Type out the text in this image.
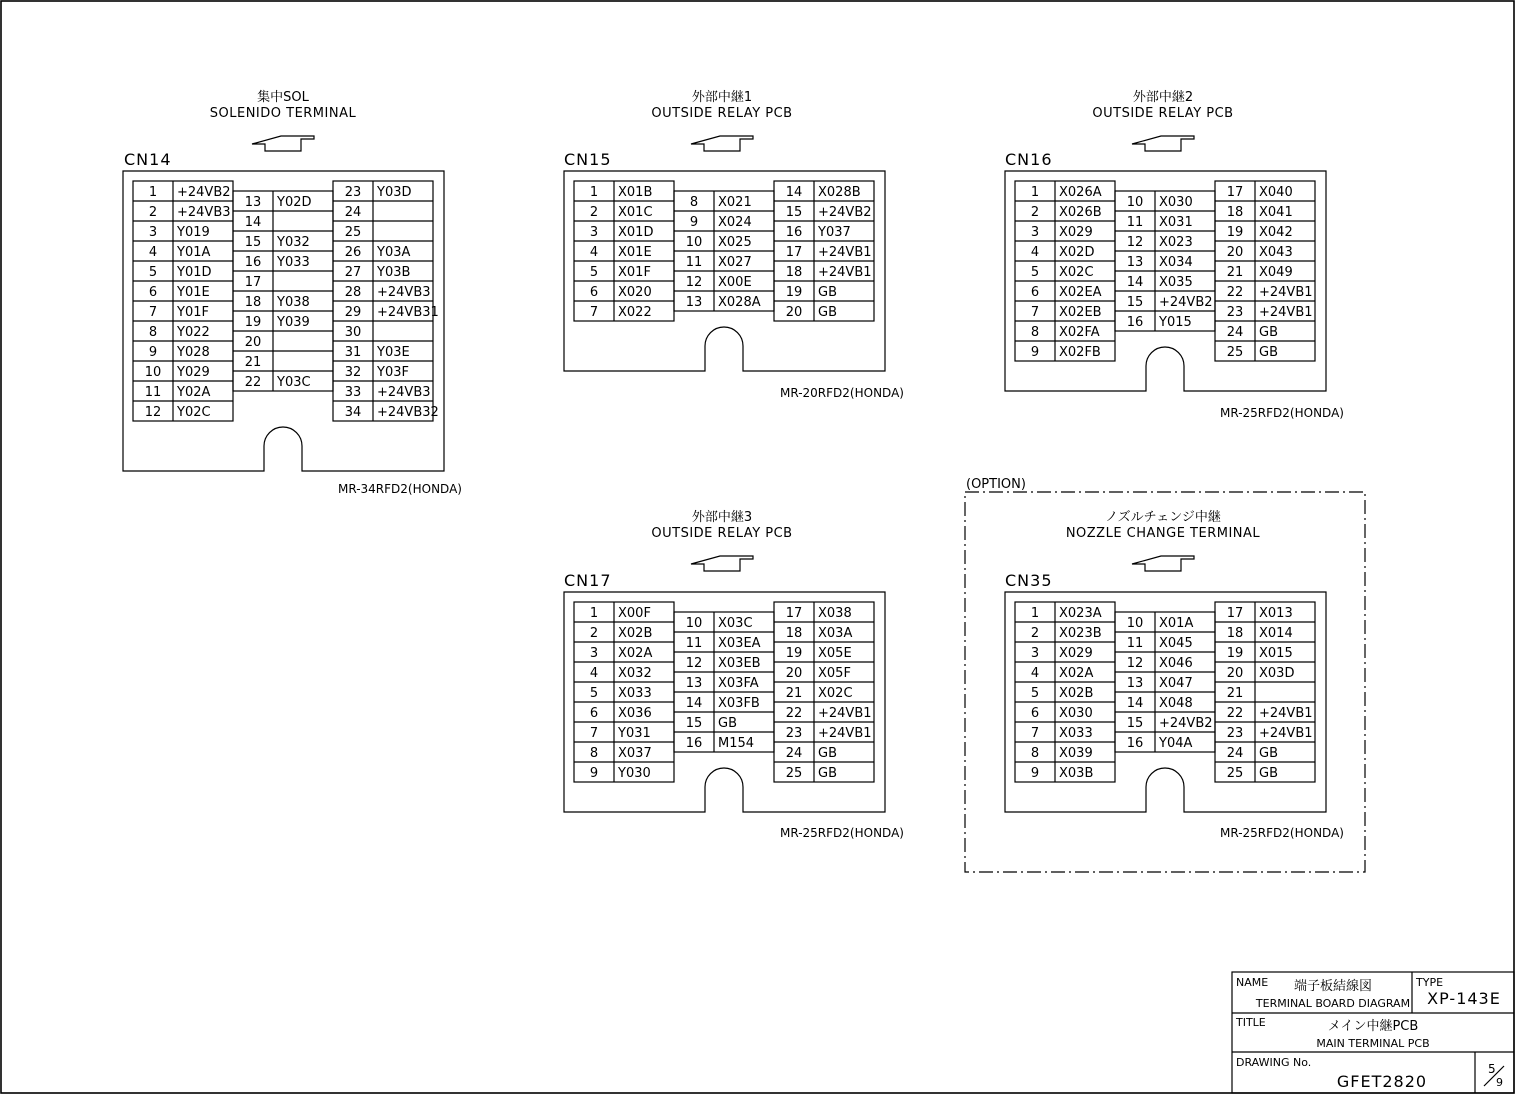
(OPTION)
集中SOL
SOLENIDO TERMINAL
CN14
1 +24VB2
2 +24VB3
3 Y019
4 Y01A
5 Y01D
6 Y01E
7 Y01F
8 Y022
9 Y028
10 Y029
11 Y02A
12 Y02C
13 Y02D
14
15 Y032
16 Y033
17
18 Y038
19 Y039
20
21
22 Y03C
23 Y03D
24
25
26 Y03A
27 Y03B
28 +24VB3
29 +24VB31
30
31 Y03E
32 Y03F
33 +24VB3
34 +24VB32
MR-34RFD2(HONDA)
外部中継1
OUTSIDE RELAY PCB
CN15
1 X01B
2 X01C
3 X01D
4 X01E
5 X01F
6 X020
7 X022
8 X021
9 X024
10 X025
11 X027
12 X00E
13 X028A
14 X028B
15 +24VB2
16 Y037
17 +24VB1
18 +24VB1
19 GB
20 GB
MR-20RFD2(HONDA)
外部中継2
OUTSIDE RELAY PCB
CN16
1 X026A
2 X026B
3 X029
4 X02D
5 X02C
6 X02EA
7 X02EB
8 X02FA
9 X02FB
10 X030
11 X031
12 X023
13 X034
14 X035
15 +24VB2
16 Y015
17 X040
18 X041
19 X042
20 X043
21 X049
22 +24VB1
23 +24VB1
24 GB
25 GB
MR-25RFD2(HONDA)
外部中継3
OUTSIDE RELAY PCB
CN17
1 X00F
2 X02B
3 X02A
4 X032
5 X033
6 X036
7 Y031
8 X037
9 Y030
10 X03C
11 X03EA
12 X03EB
13 X03FA
14 X03FB
15 GB
16 M154
17 X038
18 X03A
19 X05E
20 X05F
21 X02C
22 +24VB1
23 +24VB1
24 GB
25 GB
MR-25RFD2(HONDA)
ノズルチェンジ中継
NOZZLE CHANGE TERMINAL
CN35
1 X023A
2 X023B
3 X029
4 X02A
5 X02B
6 X030
7 X033
8 X039
9 X03B
10 X01A
11 X045
12 X046
13 X047
14 X048
15 +24VB2
16 Y04A
17 X013
18 X014
19 X015
20 X03D
21
22 +24VB1
23 +24VB1
24 GB
25 GB
MR-25RFD2(HONDA)
NAME 端子板結線図
TERMINAL BOARD DIAGRAM
TYPE
XP-143E
TITLE	メイン中継PCB
MAIN TERMINAL PCB
DRAWING No.
GFET2820
5
9
